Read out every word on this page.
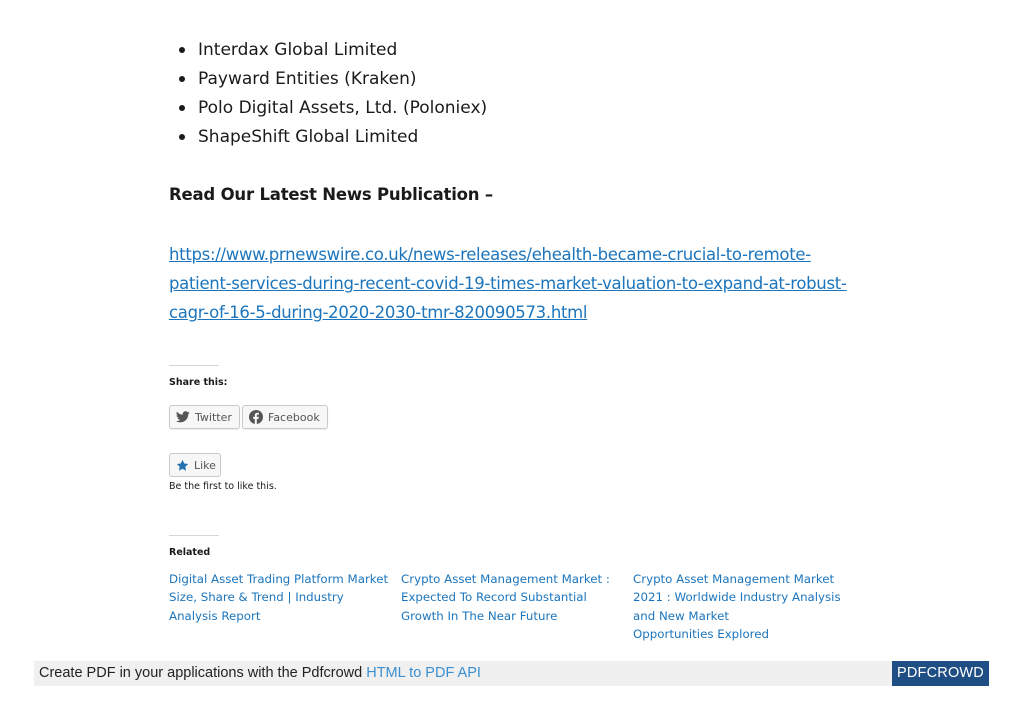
Interdax Global Limited
Payward Entities (Kraken)
Polo Digital Assets, Ltd. (Poloniex)
ShapeShift Global Limited
Read Our Latest News Publication –
https://www.prnewswire.co.uk/news-releases/ehealth-became-crucial-to-remote-
patient-services-during-recent-covid-19-times-market-valuation-to-expand-at-robust-
cagr-of-16-5-during-2020-2030-tmr-820090573.html
Share this:
Twitter	Facebook
Like
Be the first to like this.
Related
Digital Asset Trading Platform Market
Size, Share & Trend | Industry
Analysis Report
Crypto Asset Management Market :
Expected To Record Substantial
Growth In The Near Future
Crypto Asset Management Market
2021 : Worldwide Industry Analysis
and New Market
Opportunities Explored
Create PDF in your applications with the Pdfcrowd HTML to PDF API	PDFCROWD
